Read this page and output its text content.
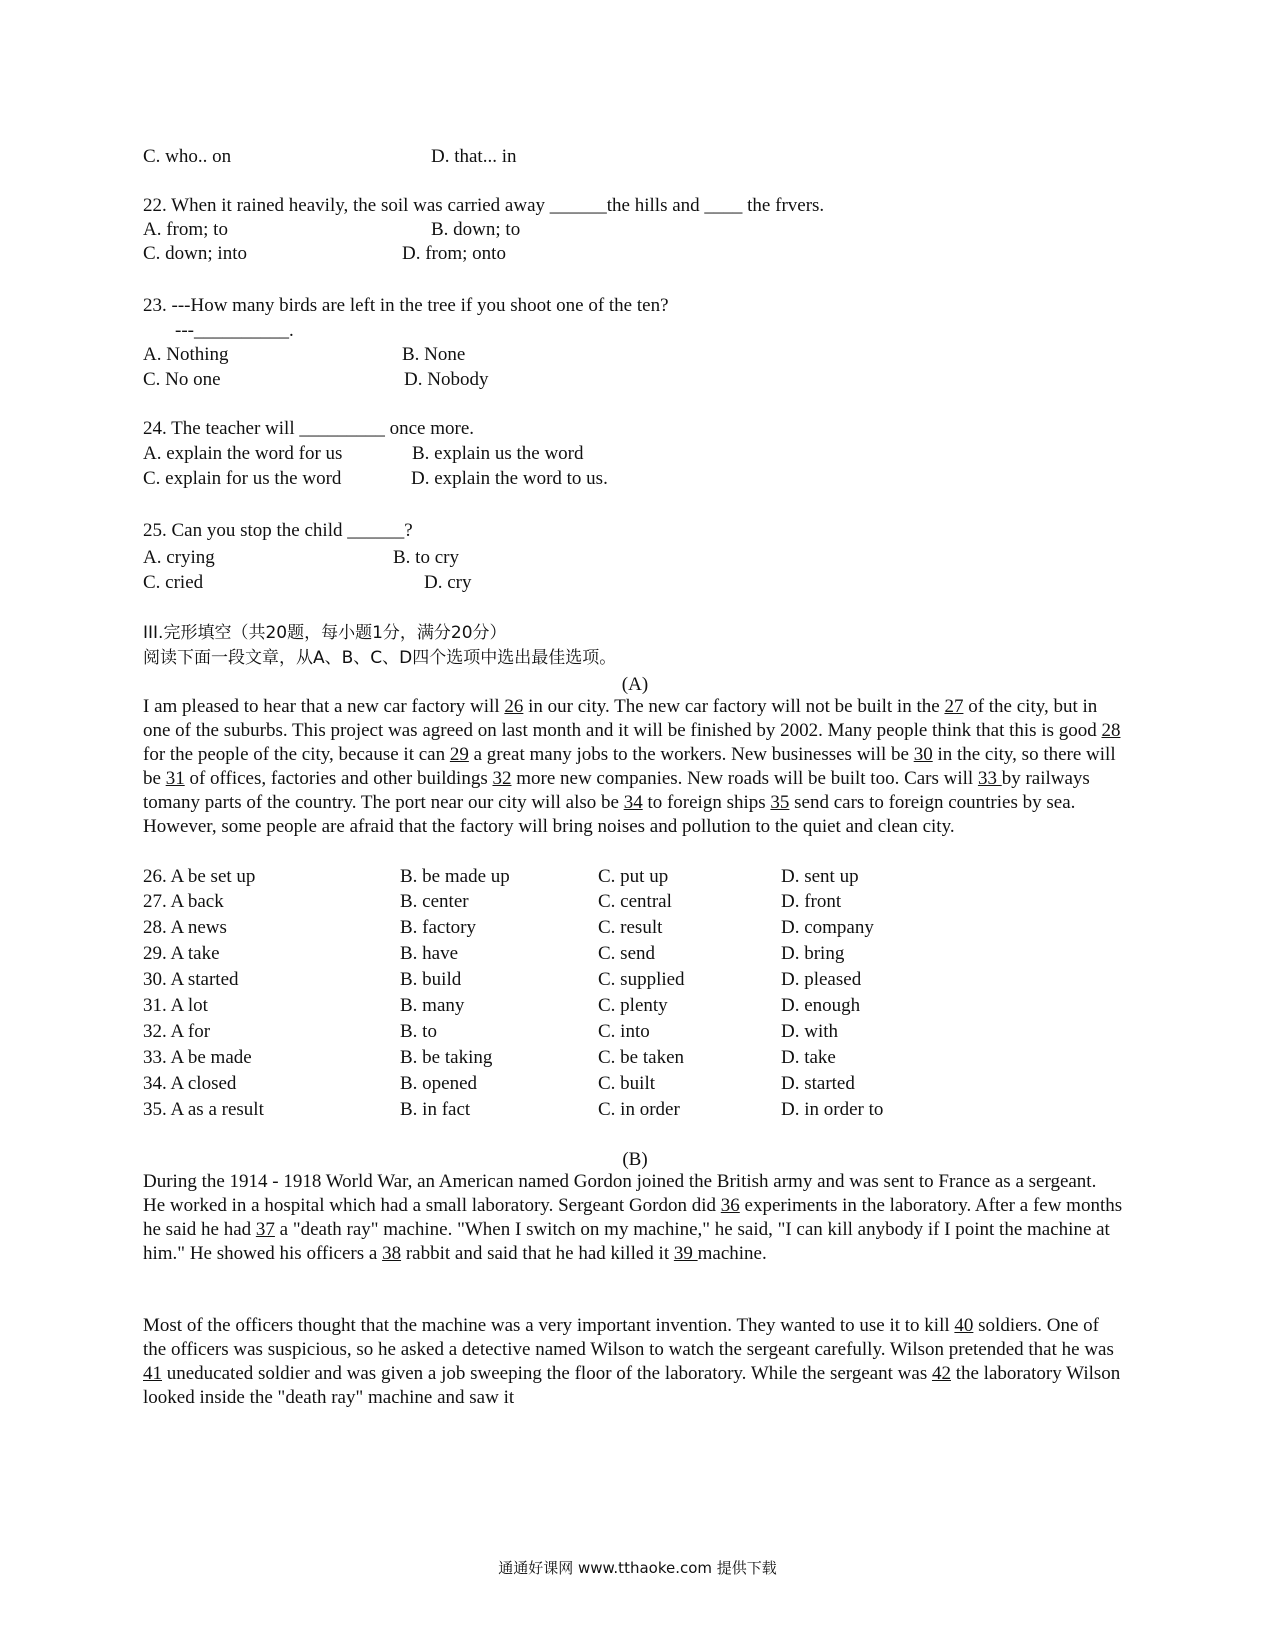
C. who.. on	D. that... in
22. When it rained heavily, the soil was carried away ______the hills and ____ the frvers.
A. from; to	B. down; to
C. down; into	D. from; onto
23. ---How many birds are left in the tree if you shoot one of the ten?
---__________.
A. Nothing	B. None
C. No one	D. Nobody
24. The teacher will _________ once more.
A. explain the word for us	B. explain us the word
C. explain for us the word	D. explain the word to us.
25. Can you stop the child ______?
A. crying	B. to cry
C. cried	D. cry
III.完形填空（共20题，每小题1分，满分20分）
阅读下面一段文章，从A、B、C、D四个选项中选出最佳选项。
(A)
I am pleased to hear that a new car factory will 26 in our city. The new car factory will not be built in the 27 of the city, but in one of the suburbs. This project was agreed on last month and it will be finished by 2002. Many people think that this is good 28 for the people of the city, because it can 29 a great many jobs to the workers. New businesses will be 30 in the city, so there will be 31 of offices, factories and other buildings 32 more new companies. New roads will be built too. Cars will 33 by railways tomany parts of the country. The port near our city will also be 34 to foreign ships 35 send cars to foreign countries by sea. However, some people are afraid that the factory will bring noises and pollution to the quiet and clean city.
26. A be set up	B. be made up	C. put up	D. sent up
27. A back	B. center	C. central	D. front
28. A news	B. factory	C. result	D. company
29. A take	B. have	C. send	D. bring
30. A started	B. build	C. supplied	D. pleased
31. A lot	B. many	C. plenty	D. enough
32. A for	B. to	C. into	D. with
33. A be made	B. be taking	C. be taken	D. take
34. A closed	B. opened	C. built	D. started
35. A as a result	B. in fact	C. in order	D. in order to
(B)
During the 1914 - 1918 World War, an American named Gordon joined the British army and was sent to France as a sergeant. He worked in a hospital which had a small laboratory. Sergeant Gordon did 36 experiments in the laboratory. After a few months he said he had 37 a "death ray" machine. "When I switch on my machine," he said, "I can kill anybody if I point the machine at him." He showed his officers a 38 rabbit and said that he had killed it 39 machine.
Most of the officers thought that the machine was a very important invention. They wanted to use it to kill 40 soldiers. One of the officers was suspicious, so he asked a detective named Wilson to watch the sergeant carefully. Wilson pretended that he was 41 uneducated soldier and was given a job sweeping the floor of the laboratory. While the sergeant was 42 the laboratory Wilson looked inside the "death ray" machine and saw it
通通好课网 www.tthaoke.com 提供下载
